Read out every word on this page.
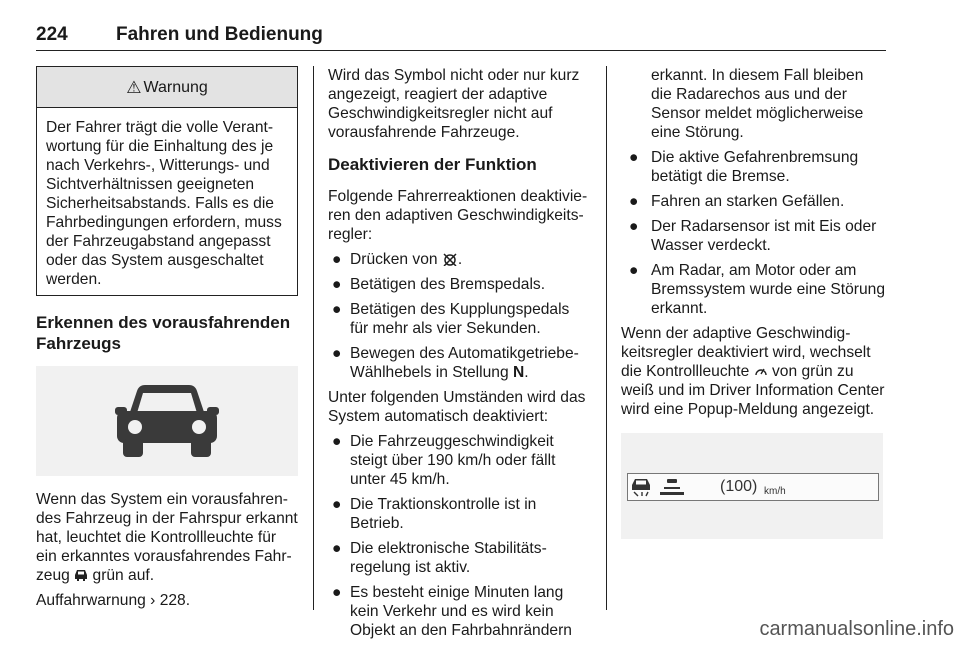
224	Fahren und Bedienung
⚠ Warnung
Der Fahrer trägt die volle Verantwortung für die Einhaltung des je nach Verkehrs-, Witterungs- und Sichtverhältnissen geeigneten Sicherheitsabstands. Falls es die Fahrbedingungen erfordern, muss der Fahrzeugabstand angepasst oder das System ausgeschaltet werden.
Erkennen des vorausfahrenden Fahrzeugs

Wenn das System ein vorausfahrendes Fahrzeug in der Fahrspur erkannt hat, leuchtet die Kontrollleuchte für ein erkanntes vorausfahrendes Fahrzeug grün auf.

Auffahrwarnung › 228.

Wird das Symbol nicht oder nur kurz angezeigt, reagiert der adaptive Geschwindigkeitsregler nicht auf vorausfahrende Fahrzeuge.

Deaktivieren der Funktion

Folgende Fahrerreaktionen deaktivieren den adaptiven Geschwindigkeitsregler:

● Drücken von .
● Betätigen des Bremspedals.
● Betätigen des Kupplungspedals für mehr als vier Sekunden.
● Bewegen des Automatikgetriebe-Wählhebels in Stellung N.

Unter folgenden Umständen wird das System automatisch deaktiviert:

● Die Fahrzeuggeschwindigkeit steigt über 190 km/h oder fällt unter 45 km/h.
● Die Traktionskontrolle ist in Betrieb.
● Die elektronische Stabilitätsregelung ist aktiv.
● Es besteht einige Minuten lang kein Verkehr und es wird kein Objekt an den Fahrbahnrändern
erkannt. In diesem Fall bleiben die Radarechos aus und der Sensor meldet möglicherweise eine Störung.
● Die aktive Gefahrenbremsung betätigt die Bremse.
● Fahren an starken Gefällen.
● Der Radarsensor ist mit Eis oder Wasser verdeckt.
● Am Radar, am Motor oder am Bremssystem wurde eine Störung erkannt.

Wenn der adaptive Geschwindigkeitsregler deaktiviert wird, wechselt die Kontrollleuchte von grün zu weiß und im Driver Information Center wird eine Popup-Meldung angezeigt.

(100) km/h
carmanualsonline.info
